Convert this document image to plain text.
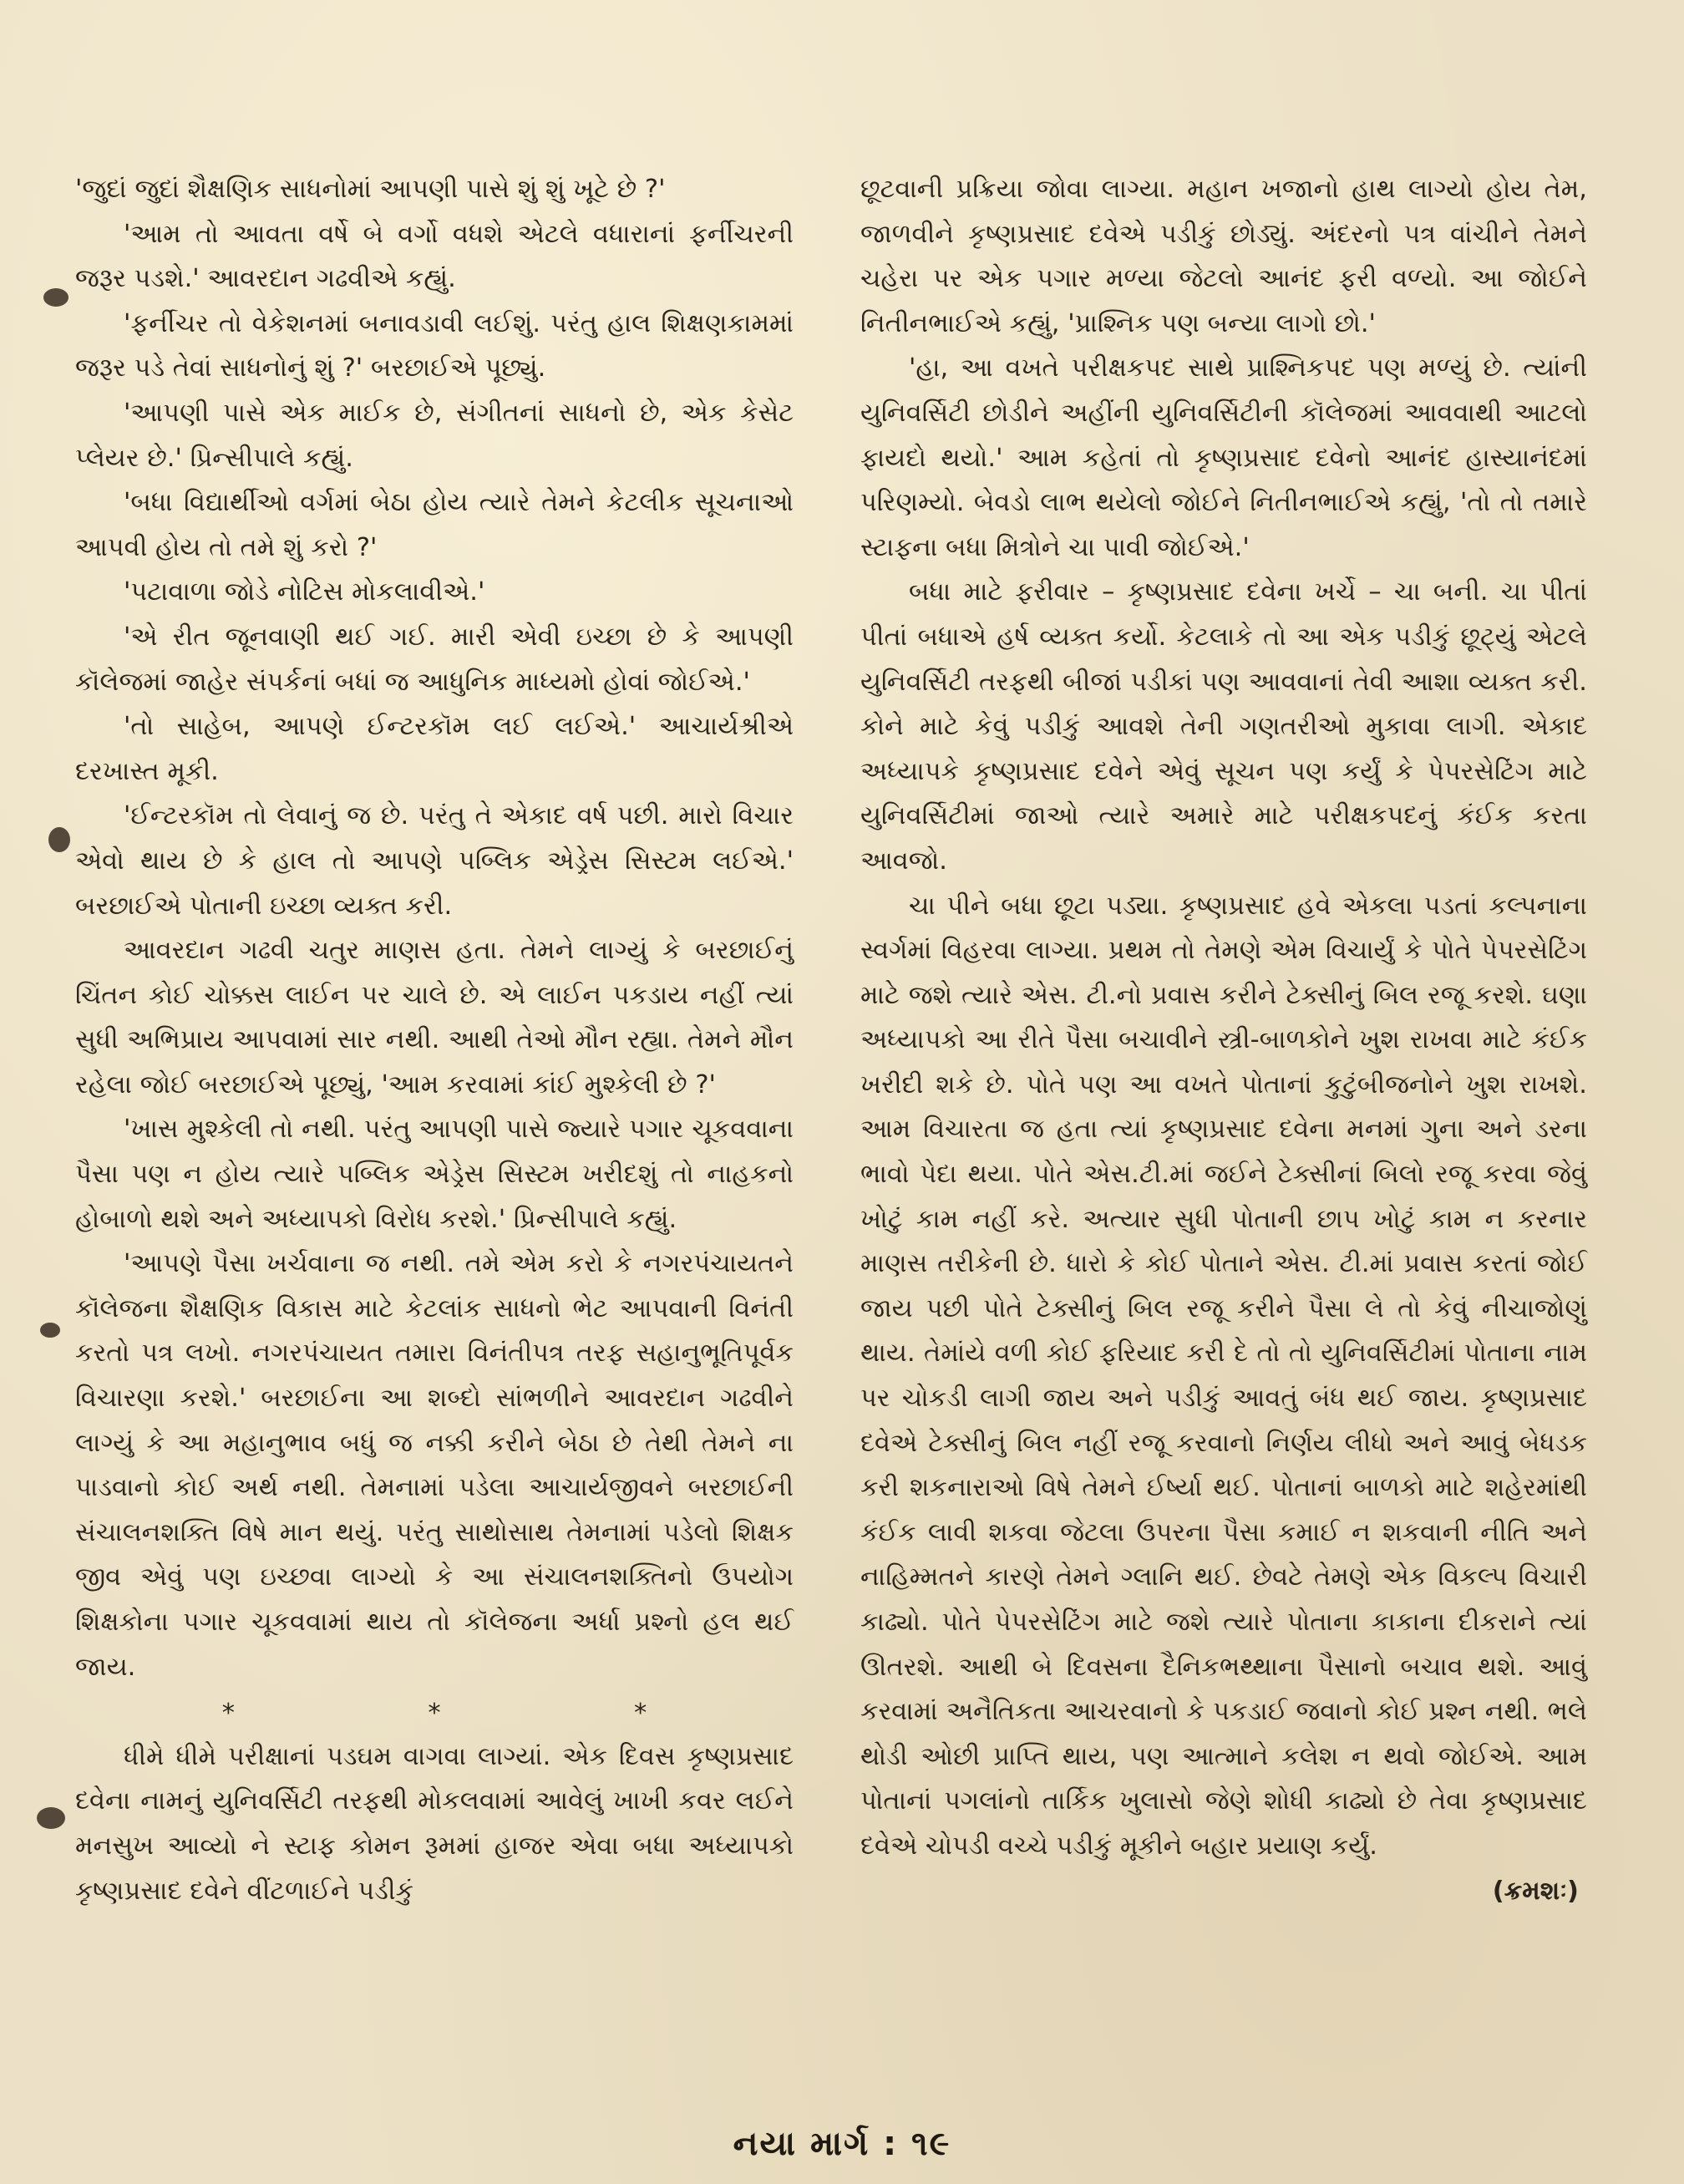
'જુદાં જુદાં શૈક્ષણિક સાધનોમાં આપણી પાસે શું શું ખૂટે છે ?'

'આમ તો આવતા વર્ષે બે વર્ગો વધશે એટલે વધારાનાં ફર્નીચરની જરૂર પડશે.' આવરદાન ગઢવીએ કહ્યું.

'ફર્નીચર તો વેકેશનમાં બનાવડાવી લઈશું. પરંતુ હાલ શિક્ષણકામમાં જરૂર પડે તેવાં સાધનોનું શું ?' બરછાઈએ પૂછ્યું.

'આપણી પાસે એક માઈક છે, સંગીતનાં સાધનો છે, એક કેસેટ પ્લેયર છે.' પ્રિન્સીપાલે કહ્યું.

'બધા વિદ્યાર્થીઓ વર્ગમાં બેઠા હોય ત્યારે તેમને કેટલીક સૂચનાઓ આપવી હોય તો તમે શું કરો ?'

'પટાવાળા જોડે નોટિસ મોકલાવીએ.'

'એ રીત જૂનવાણી થઈ ગઈ. મારી એવી ઇચ્છા છે કે આપણી કૉલેજમાં જાહેર સંપર્કનાં બધાં જ આધુનિક માધ્યમો હોવાં જોઈએ.'

'તો સાહેબ, આપણે ઈન્ટરકૉમ લઈ લઈએ.' આચાર્યશ્રીએ દરખાસ્ત મૂકી.

'ઈન્ટરકૉમ તો લેવાનું જ છે. પરંતુ તે એકાદ વર્ષ પછી. મારો વિચાર એવો થાય છે કે હાલ તો આપણે પબ્લિક એડ્રેસ સિસ્ટમ લઈએ.' બરછાઈએ પોતાની ઇચ્છા વ્યક્ત કરી.

આવરદાન ગઢવી ચતુર માણસ હતા. તેમને લાગ્યું કે બરછાઈનું ચિંતન કોઈ ચોક્કસ લાઈન પર ચાલે છે. એ લાઈન પકડાય નહીં ત્યાં સુધી અભિપ્રાય આપવામાં સાર નથી. આથી તેઓ મૌન રહ્યા. તેમને મૌન રહેલા જોઈ બરછાઈએ પૂછ્યું, 'આમ કરવામાં કાંઈ મુશ્કેલી છે ?'

'ખાસ મુશ્કેલી તો નથી. પરંતુ આપણી પાસે જ્યારે પગાર ચૂકવવાના પૈસા પણ ન હોય ત્યારે પબ્લિક એડ્રેસ સિસ્ટમ ખરીદશું તો નાહકનો હોબાળો થશે અને અધ્યાપકો વિરોધ કરશે.' પ્રિન્સીપાલે કહ્યું.

'આપણે પૈસા ખર્ચવાના જ નથી. તમે એમ કરો કે નગરપંચાયતને કૉલેજના શૈક્ષણિક વિકાસ માટે કેટલાંક સાધનો ભેટ આપવાની વિનંતી કરતો પત્ર લખો. નગરપંચાયત તમારા વિનંતીપત્ર તરફ સહાનુભૂતિપૂર્વક વિચારણા કરશે.' બરછાઈના આ શબ્દો સાંભળીને આવરદાન ગઢવીને લાગ્યું કે આ મહાનુભાવ બધું જ નક્કી કરીને બેઠા છે તેથી તેમને ના પાડવાનો કોઈ અર્થ નથી. તેમનામાં પડેલા આચાર્યજીવને બરછાઈની સંચાલનશક્તિ વિષે માન થયું. પરંતુ સાથોસાથ તેમનામાં પડેલો શિક્ષક જીવ એવું પણ ઇચ્છવા લાગ્યો કે આ સંચાલનશક્તિનો ઉપયોગ શિક્ષકોના પગાર ચૂકવવામાં થાય તો કૉલેજના અર્ધા પ્રશ્નો હલ થઈ જાય.

*	*	*

ધીમે ધીમે પરીક્ષાનાં પડઘમ વાગવા લાગ્યાં. એક દિવસ કૃષ્ણપ્રસાદ દવેના નામનું યુનિવર્સિટી તરફથી મોકલવામાં આવેલું ખાખી કવર લઈને મનસુખ આવ્યો ને સ્ટાફ કોમન રૂમમાં હાજર એવા બધા અધ્યાપકો કૃષ્ણપ્રસાદ દવેને વીંટળાઈને પડીકું

છૂટવાની પ્રક્રિયા જોવા લાગ્યા. મહાન ખજાનો હાથ લાગ્યો હોય તેમ, જાળવીને કૃષ્ણપ્રસાદ દવેએ પડીકું છોડ્યું. અંદરનો પત્ર વાંચીને તેમને ચહેરા પર એક પગાર મળ્યા જેટલો આનંદ ફરી વળ્યો. આ જોઈને નિતીનભાઈએ કહ્યું, 'પ્રાશ્નિક પણ બન્યા લાગો છો.'

'હા, આ વખતે પરીક્ષકપદ સાથે પ્રાશ્નિકપદ પણ મળ્યું છે. ત્યાંની યુનિવર્સિટી છોડીને અહીંની યુનિવર્સિટીની કૉલેજમાં આવવાથી આટલો ફાયદો થયો.' આમ કહેતાં તો કૃષ્ણપ્રસાદ દવેનો આનંદ હાસ્યાનંદમાં પરિણમ્યો. બેવડો લાભ થયેલો જોઈને નિતીનભાઈએ કહ્યું, 'તો તો તમારે સ્ટાફના બધા મિત્રોને ચા પાવી જોઈએ.'

બધા માટે ફરીવાર – કૃષ્ણપ્રસાદ દવેના ખર્ચે – ચા બની. ચા પીતાં પીતાં બધાએ હર્ષ વ્યક્ત કર્યો. કેટલાકે તો આ એક પડીકું છૂટ્યું એટલે યુનિવર્સિટી તરફથી બીજાં પડીકાં પણ આવવાનાં તેવી આશા વ્યક્ત કરી. કોને માટે કેવું પડીકું આવશે તેની ગણતરીઓ મુકાવા લાગી. એકાદ અધ્યાપકે કૃષ્ણપ્રસાદ દવેને એવું સૂચન પણ કર્યું કે પેપરસેટિંગ માટે યુનિવર્સિટીમાં જાઓ ત્યારે અમારે માટે પરીક્ષકપદનું કંઈક કરતા આવજો.

ચા પીને બધા છૂટા પડ્યા. કૃષ્ણપ્રસાદ હવે એકલા પડતાં કલ્પનાના સ્વર્ગમાં વિહરવા લાગ્યા. પ્રથમ તો તેમણે એમ વિચાર્યું કે પોતે પેપરસેટિંગ માટે જશે ત્યારે એસ. ટી.નો પ્રવાસ કરીને ટેક્સીનું બિલ રજૂ કરશે. ઘણા અધ્યાપકો આ રીતે પૈસા બચાવીને સ્ત્રી-બાળકોને ખુશ રાખવા માટે કંઈક ખરીદી શકે છે. પોતે પણ આ વખતે પોતાનાં કુટુંબીજનોને ખુશ રાખશે. આમ વિચારતા જ હતા ત્યાં કૃષ્ણપ્રસાદ દવેના મનમાં ગુના અને ડરના ભાવો પેદા થયા. પોતે એસ.ટી.માં જઈને ટેક્સીનાં બિલો રજૂ કરવા જેવું ખોટું કામ નહીં કરે. અત્યાર સુધી પોતાની છાપ ખોટું કામ ન કરનાર માણસ તરીકેની છે. ધારો કે કોઈ પોતાને એસ. ટી.માં પ્રવાસ કરતાં જોઈ જાય પછી પોતે ટેક્સીનું બિલ રજૂ કરીને પૈસા લે તો કેવું નીચાજોણું થાય. તેમાંયે વળી કોઈ ફરિયાદ કરી દે તો તો યુનિવર્સિટીમાં પોતાના નામ પર ચોકડી લાગી જાય અને પડીકું આવતું બંધ થઈ જાય. કૃષ્ણપ્રસાદ દવેએ ટેક્સીનું બિલ નહીં રજૂ કરવાનો નિર્ણય લીધો અને આવું બેધડક કરી શકનારાઓ વિષે તેમને ઈર્ષ્યા થઈ. પોતાનાં બાળકો માટે શહેરમાંથી કંઈક લાવી શકવા જેટલા ઉપરના પૈસા કમાઈ ન શકવાની નીતિ અને નાહિમ્મતને કારણે તેમને ગ્લાનિ થઈ. છેવટે તેમણે એક વિકલ્પ વિચારી કાઢ્યો. પોતે પેપરસેટિંગ માટે જશે ત્યારે પોતાના કાકાના દીકરાને ત્યાં ઊતરશે. આથી બે દિવસના દૈનિકભથ્થાના પૈસાનો બચાવ થશે. આવું કરવામાં અનૈતિકતા આચરવાનો કે પકડાઈ જવાનો કોઈ પ્રશ્ન નથી. ભલે થોડી ઓછી પ્રાપ્તિ થાય, પણ આત્માને કલેશ ન થવો જોઈએ. આમ પોતાનાં પગલાંનો તાર્કિક ખુલાસો જેણે શોધી કાઢ્યો છે તેવા કૃષ્ણપ્રસાદ દવેએ ચોપડી વચ્ચે પડીકું મૂકીને બહાર પ્રયાણ કર્યું.

(ક્રમશઃ)
નયા માર્ગ : ૧૯
